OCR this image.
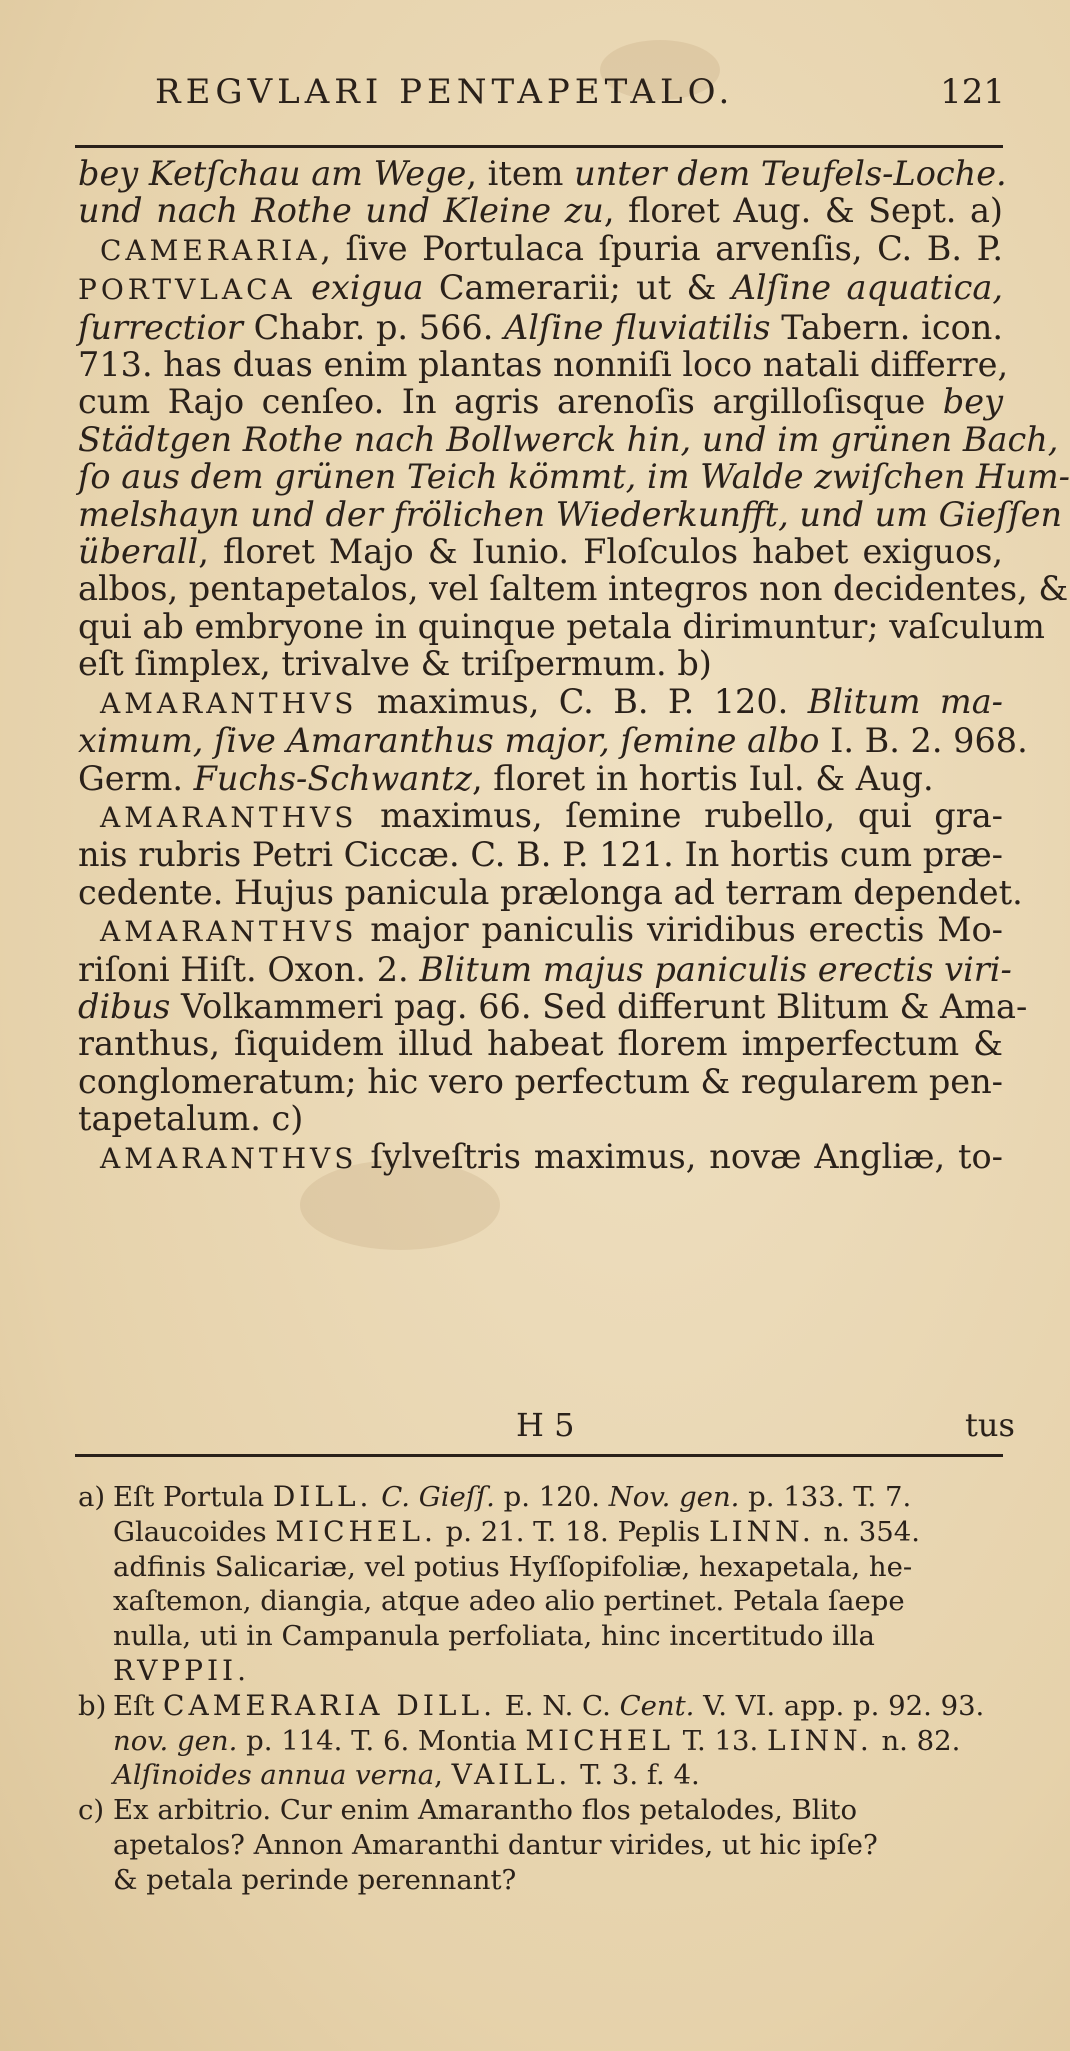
REGVLARI PENTAPETALO.	121
bey Ketſchau am Wege, item unter dem Teufels-Loche.
und nach Rothe und Kleine zu, floret Aug. & Sept. a)
CAMERARIA, ſive Portulaca ſpuria arvenſis, C. B. P.
PORTVLACA exigua Camerarii; ut & Alſine aquatica,
ſurrectior Chabr. p. 566. Alſine fluviatilis Tabern. icon.
713. has duas enim plantas nonniſi loco natali differre,
cum Rajo cenſeo. In agris arenoſis argilloſisque bey
Städtgen Rothe nach Bollwerck hin, und im grünen Bach,
ſo aus dem grünen Teich kömmt, im Walde zwiſchen Hum-
melshayn und der frölichen Wiederkunfft, und um Gieſſen
überall, floret Majo & Iunio. Floſculos habet exiguos,
albos, pentapetalos, vel ſaltem integros non decidentes, &
qui ab embryone in quinque petala dirimuntur; vaſculum
eſt ſimplex, trivalve & triſpermum. b)
AMARANTHVS maximus, C. B. P. 120. Blitum ma-
ximum, ſive Amaranthus major, ſemine albo I. B. 2. 968.
Germ. Fuchs-Schwantz, floret in hortis Iul. & Aug.
AMARANTHVS maximus, ſemine rubello, qui gra-
nis rubris Petri Ciccæ. C. B. P. 121. In hortis cum præ-
cedente. Hujus panicula prælonga ad terram dependet.
AMARANTHVS major paniculis viridibus erectis Mo-
riſoni Hiſt. Oxon. 2. Blitum majus paniculis erectis viri-
dibus Volkammeri pag. 66. Sed differunt Blitum & Ama-
ranthus, ſiquidem illud habeat florem imperfectum &
conglomeratum; hic vero perfectum & regularem pen-
tapetalum. c)
AMARANTHVS ſylveſtris maximus, novæ Angliæ, to-
H 5	tus
a) Eſt Portula DILL. C. Gieſſ. p. 120. Nov. gen. p. 133. T. 7.
Glaucoides MICHEL. p. 21. T. 18. Peplis LINN. n. 354.
adfinis Salicariæ, vel potius Hyſſopifoliæ, hexapetala, he-
xaſtemon, diangia, atque adeo alio pertinet. Petala ſaepe
nulla, uti in Campanula perfoliata, hinc incertitudo illa
RVPPII.
b) Eſt CAMERARIA DILL. E. N. C. Cent. V. VI. app. p. 92. 93.
nov. gen. p. 114. T. 6. Montia MICHEL T. 13. LINN. n. 82.
Alſinoides annua verna, VAILL. T. 3. f. 4.
c) Ex arbitrio. Cur enim Amarantho flos petalodes, Blito
apetalos? Annon Amaranthi dantur virides, ut hic ipſe?
& petala perinde perennant?
